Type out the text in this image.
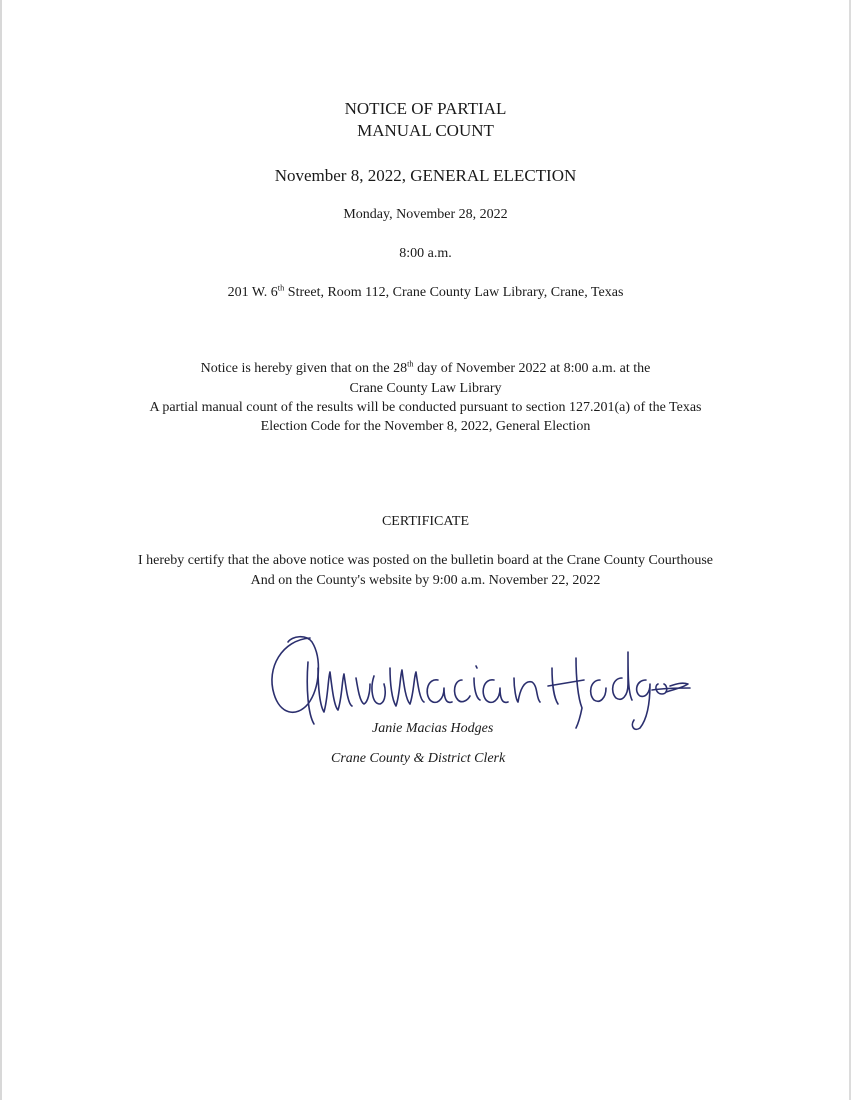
NOTICE OF PARTIAL
MANUAL COUNT
November 8, 2022, GENERAL ELECTION
Monday, November 28, 2022
8:00 a.m.
201 W. 6th Street, Room 112, Crane County Law Library, Crane, Texas
Notice is hereby given that on the 28th day of November 2022 at 8:00 a.m. at the
Crane County Law Library
A partial manual count of the results will be conducted pursuant to section 127.201(a) of the Texas
Election Code for the November 8, 2022, General Election
CERTIFICATE
I hereby certify that the above notice was posted on the bulletin board at the Crane County Courthouse
And on the County's website by 9:00 a.m. November 22, 2022
Janie Macias Hodges
Crane County & District Clerk
